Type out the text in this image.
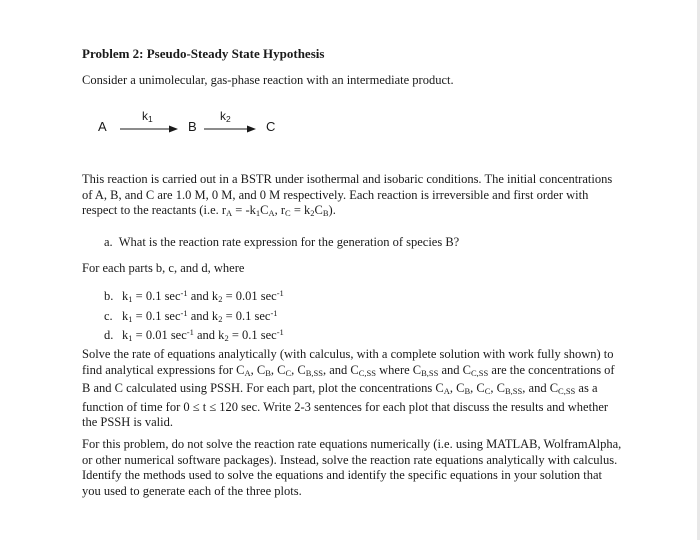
Problem 2: Pseudo-Steady State Hypothesis
Consider a unimolecular, gas-phase reaction with an intermediate product.
A
$k_1$	B
$k_2$	C
This reaction is carried out in a BSTR under isothermal and isobaric conditions. The initial concentrations of A, B, and C are 1.0 M, 0 M, and 0 M respectively. Each reaction is irreversible and first order with respect to the reactants (i.e. $r_A = -k_1C_A$, $r_C = k_2C_B$).
a. What is the reaction rate expression for the generation of species B?
For each parts b, c, and d, where
b. $k_1 = 0.1$ $\sec^{-1}$ and $k_2 = 0.01$ $\sec^{-1}$
c. $k_1 = 0.1$ $\sec^{-1}$ and $k_2 = 0.1$ $\sec^{-1}$
d. $k_1 = 0.01$ $\sec^{-1}$ and $k_2 = 0.1$ $\sec^{-1}$
Solve the rate of equations analytically (with calculus, with a complete solution with work fully shown) to find analytical expressions for $C_A$, $C_B$, $C_C$, $C_{B,SS}$, and $C_{C,SS}$ where $C_{B,SS}$ and $C_{C,SS}$ are the concentrations of B and C calculated using PSSH. For each part, plot the concentrations $C_A$, $C_B$, $C_C$, $C_{B,SS}$, and $C_{C,SS}$ as a function of time for 0 ≤ t ≤ 120 sec. Write 2-3 sentences for each plot that discuss the results and whether the PSSH is valid.
For this problem, do not solve the reaction rate equations numerically (i.e. using MATLAB, WolframAlpha, or other numerical software packages). Instead, solve the reaction rate equations analytically with calculus. Identify the methods used to solve the equations and identify the specific equations in your solution that you used to generate each of the three plots.
